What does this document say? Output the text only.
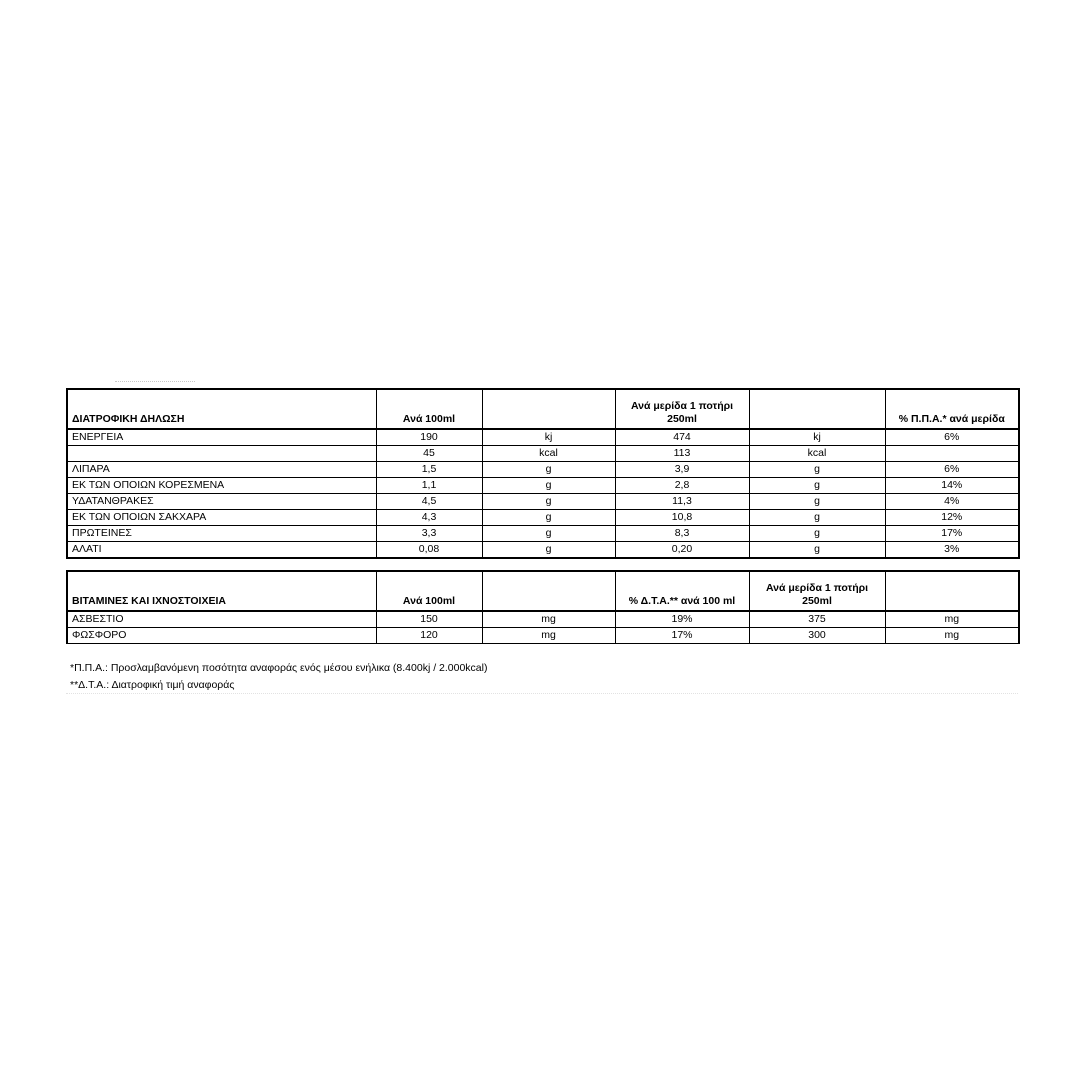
ΔΙΑΤΡΟΦΙΚΗ ΔΗΛΩΣΗ	Ανά 100ml		Ανά μερίδα 1 ποτήρι 250ml		% Π.Π.Α.* ανά μερίδα
ΕΝΕΡΓΕΙΑ	190	kj	474	kj	6%
	45	kcal	113	kcal	
ΛΙΠΑΡΑ	1,5	g	3,9	g	6%
ΕΚ ΤΩΝ ΟΠΟΙΩΝ ΚΟΡΕΣΜΕΝΑ	1,1	g	2,8	g	14%
ΥΔΑΤΑΝΘΡΑΚΕΣ	4,5	g	11,3	g	4%
ΕΚ ΤΩΝ ΟΠΟΙΩΝ ΣΑΚΧΑΡΑ	4,3	g	10,8	g	12%
ΠΡΩΤΕΙΝΕΣ	3,3	g	8,3	g	17%
ΑΛΑΤΙ	0,08	g	0,20	g	3%
ΒΙΤΑΜΙΝΕΣ ΚΑΙ ΙΧΝΟΣΤΟΙΧΕΙΑ	Ανά 100ml		% Δ.Τ.Α.** ανά 100 ml	Ανά μερίδα 1 ποτήρι 250ml	
ΑΣΒΕΣΤΙΟ	150	mg	19%	375	mg
ΦΩΣΦΟΡΟ	120	mg	17%	300	mg
*Π.Π.Α.: Προσλαμβανόμενη ποσότητα αναφοράς ενός μέσου ενήλικα (8.400kj / 2.000kcal)
**Δ.Τ.Α.: Διατροφική τιμή αναφοράς
